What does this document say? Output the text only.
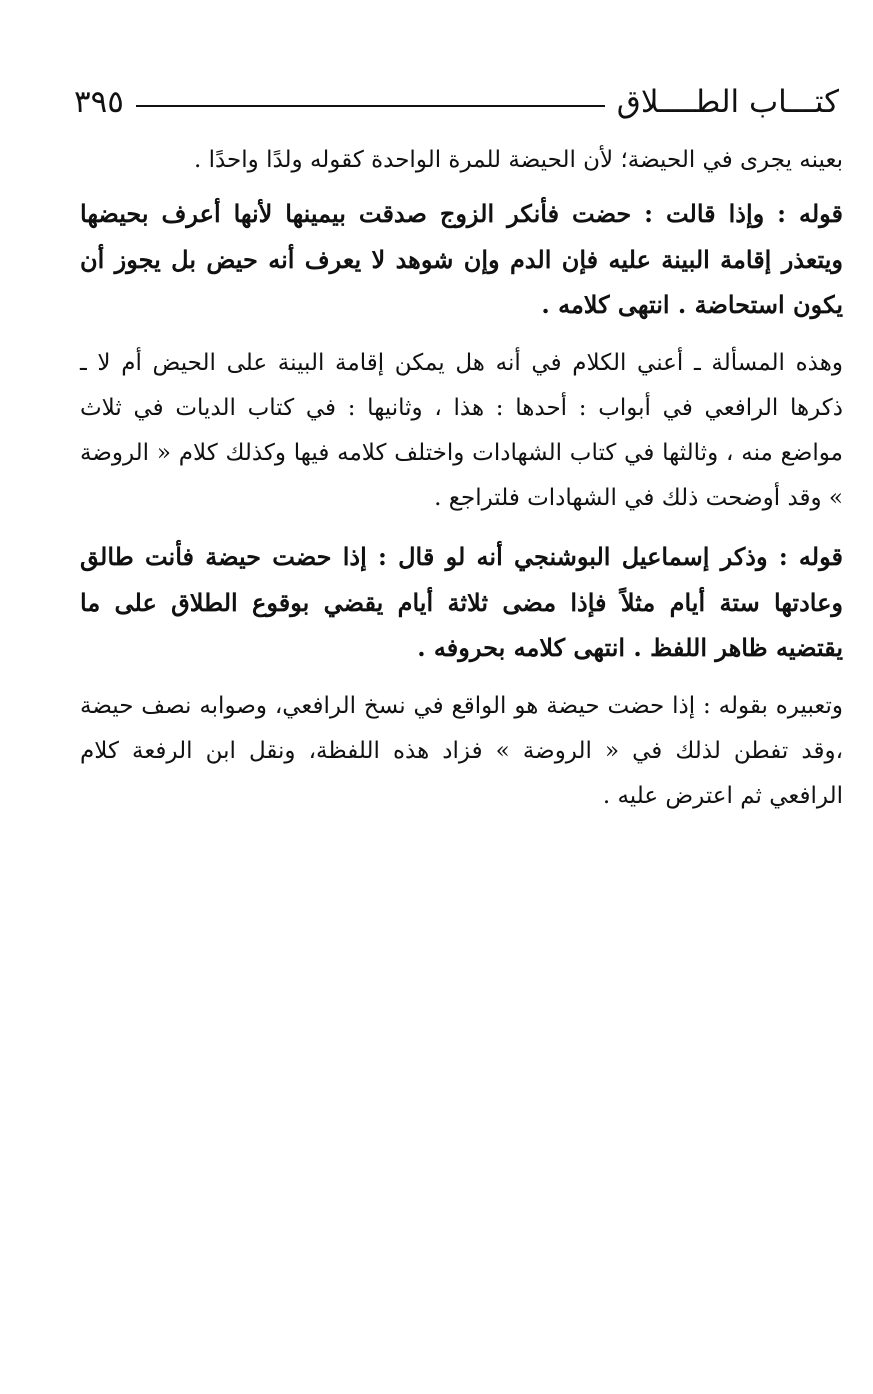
كتـــاب الطــــلاق
٣٩٥

بعينه يجرى في الحيضة؛ لأن الحيضة للمرة الواحدة كقوله ولدًا واحدًا .

قوله : وإذا قالت : حضت فأنكر الزوج صدقت بيمينها لأنها أعرف بحيضها ويتعذر إقامة البينة عليه فإن الدم وإن شوهد لا يعرف أنه حيض بل يجوز أن يكون استحاضة . انتهى كلامه .

وهذه المسألة ـ أعني الكلام في أنه هل يمكن إقامة البينة على الحيض أم لا ـ ذكرها الرافعي في أبواب : أحدها : هذا ، وثانيها : في كتاب الديات في ثلاث مواضع منه ، وثالثها في كتاب الشهادات واختلف كلامه فيها وكذلك كلام « الروضة » وقد أوضحت ذلك في الشهادات فلتراجع .

قوله : وذكر إسماعيل البوشنجي أنه لو قال : إذا حضت حيضة فأنت طالق وعادتها ستة أيام مثلاً فإذا مضى ثلاثة أيام يقضي بوقوع الطلاق على ما يقتضيه ظاهر اللفظ . انتهى كلامه بحروفه .

وتعبيره بقوله : إذا حضت حيضة هو الواقع في نسخ الرافعي، وصوابه نصف حيضة ،وقد تفطن لذلك في « الروضة » فزاد هذه اللفظة، ونقل ابن الرفعة كلام الرافعي ثم اعترض عليه .
